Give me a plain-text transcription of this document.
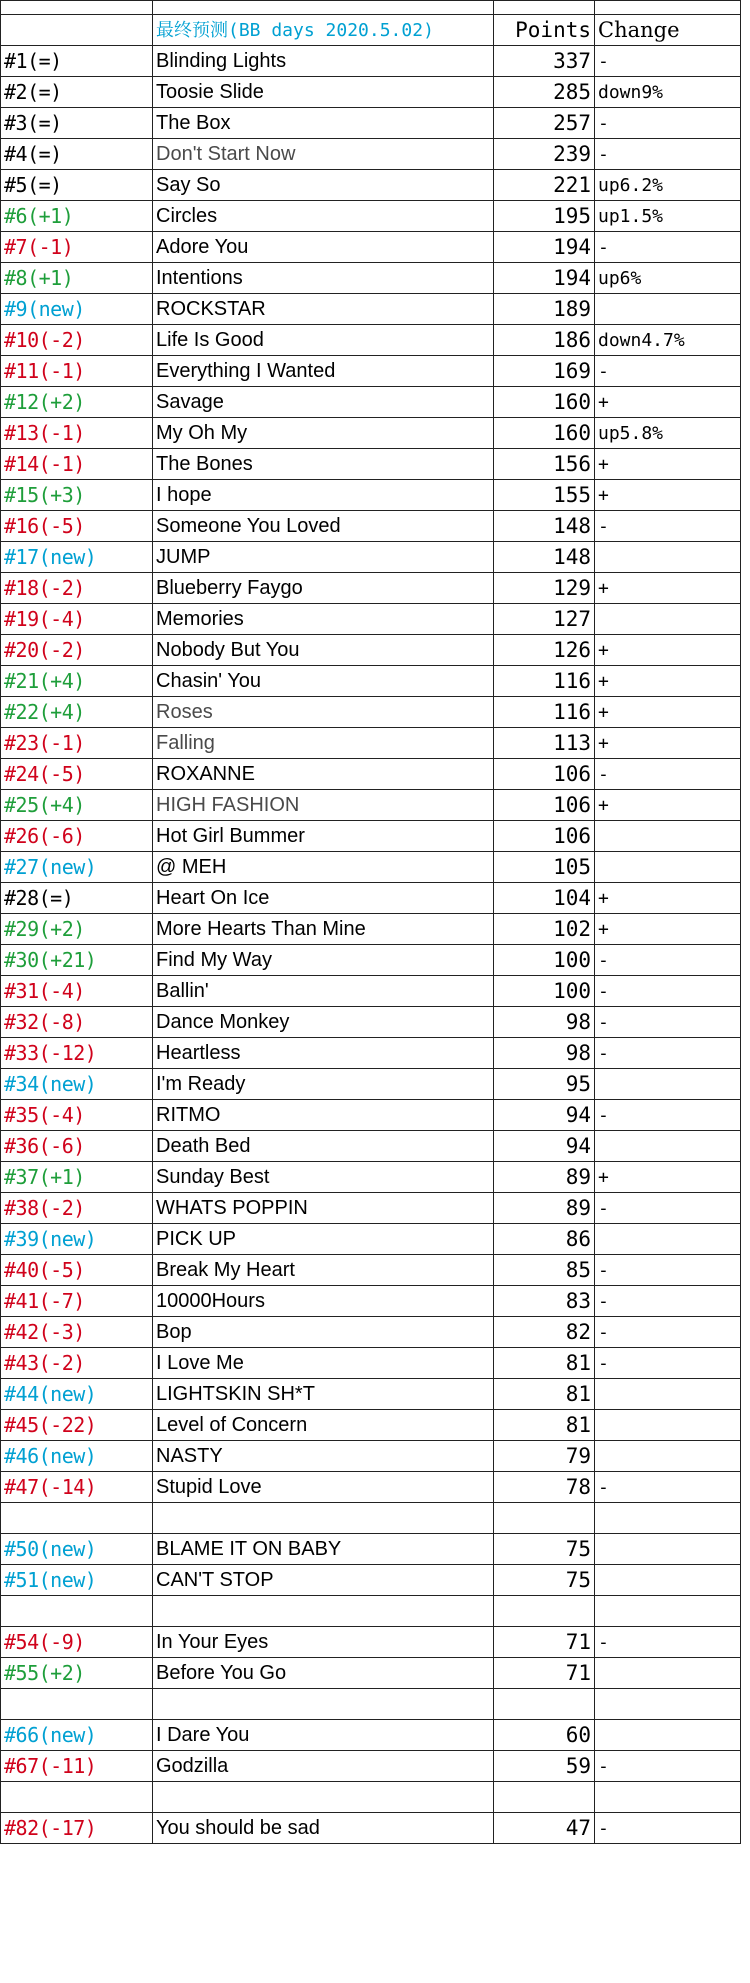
	最终预测(BB days 2020.5.02)	Points	Change
#1(=)	Blinding Lights	337	-
#2(=)	Toosie Slide	285	down9%
#3(=)	The Box	257	-
#4(=)	Don't Start Now	239	-
#5(=)	Say So	221	up6.2%
#6(+1)	Circles	195	up1.5%
#7(-1)	Adore You	194	-
#8(+1)	Intentions	194	up6%
#9(new)	ROCKSTAR	189	
#10(-2)	Life Is Good	186	down4.7%
#11(-1)	Everything I Wanted	169	-
#12(+2)	Savage	160	+
#13(-1)	My Oh My	160	up5.8%
#14(-1)	The Bones	156	+
#15(+3)	I hope	155	+
#16(-5)	Someone You Loved	148	-
#17(new)	JUMP	148	
#18(-2)	Blueberry Faygo	129	+
#19(-4)	Memories	127	
#20(-2)	Nobody But You	126	+
#21(+4)	Chasin' You	116	+
#22(+4)	Roses	116	+
#23(-1)	Falling	113	+
#24(-5)	ROXANNE	106	-
#25(+4)	HIGH FASHION	106	+
#26(-6)	Hot Girl Bummer	106	
#27(new)	@ MEH	105	
#28(=)	Heart On Ice	104	+
#29(+2)	More Hearts Than Mine	102	+
#30(+21)	Find My Way	100	-
#31(-4)	Ballin'	100	-
#32(-8)	Dance Monkey	98	-
#33(-12)	Heartless	98	-
#34(new)	I'm Ready	95	
#35(-4)	RITMO	94	-
#36(-6)	Death Bed	94	
#37(+1)	Sunday Best	89	+
#38(-2)	WHATS POPPIN	89	-
#39(new)	PICK UP	86	
#40(-5)	Break My Heart	85	-
#41(-7)	10000Hours	83	-
#42(-3)	Bop	82	-
#43(-2)	I Love Me	81	-
#44(new)	LIGHTSKIN SH*T	81	
#45(-22)	Level of Concern	81	
#46(new)	NASTY	79	
#47(-14)	Stupid Love	78	-

#50(new)	BLAME IT ON BABY	75	
#51(new)	CAN'T STOP	75	

#54(-9)	In Your Eyes	71	-
#55(+2)	Before You Go	71	

#66(new)	I Dare You	60	
#67(-11)	Godzilla	59	-

#82(-17)	You should be sad	47	-
